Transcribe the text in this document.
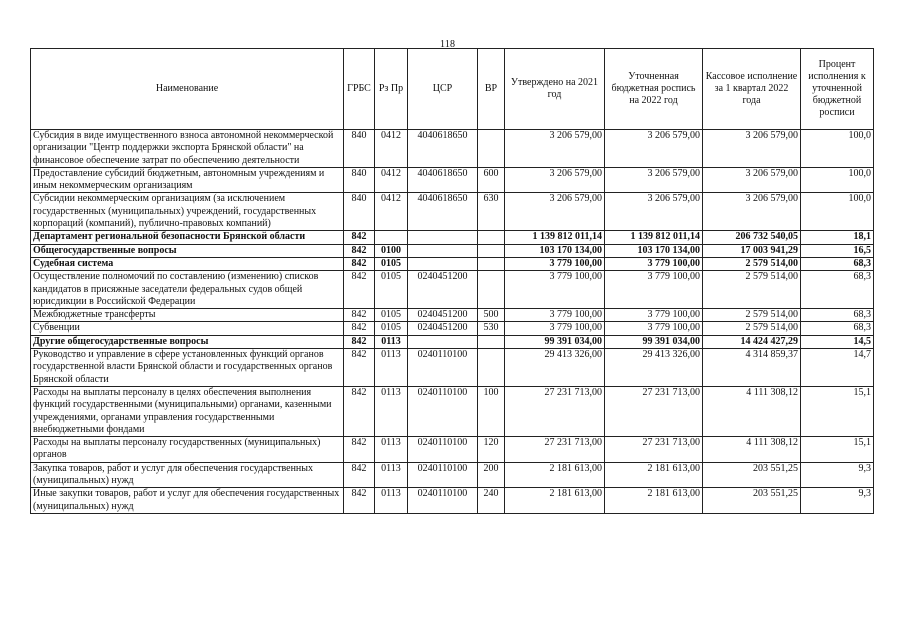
118
Наименование	ГРБС	Рз Пр	ЦСР	ВР	Утверждено на 2021 год	Уточненная бюджетная роспись на 2022 год	Кассовое исполнение за 1 квартал 2022 года	Процент исполнения к уточненной бюджетной росписи
Субсидия в виде имущественного взноса автономной некоммерческой организации "Центр поддержки экспорта Брянской области" на финансовое обеспечение затрат по обеспечению деятельности	840	0412	4040618650		3 206 579,00	3 206 579,00	3 206 579,00	100,0
Предоставление субсидий бюджетным, автономным учреждениям и иным некоммерческим организациям	840	0412	4040618650	600	3 206 579,00	3 206 579,00	3 206 579,00	100,0
Субсидии некоммерческим организациям (за исключением государственных (муниципальных) учреждений, государственных корпораций (компаний), публично-правовых компаний)	840	0412	4040618650	630	3 206 579,00	3 206 579,00	3 206 579,00	100,0
Департамент региональной безопасности Брянской области	842				1 139 812 011,14	1 139 812 011,14	206 732 540,05	18,1
Общегосударственные вопросы	842	0100			103 170 134,00	103 170 134,00	17 003 941,29	16,5
Судебная система	842	0105			3 779 100,00	3 779 100,00	2 579 514,00	68,3
Осуществление полномочий по составлению (изменению) списков кандидатов в присяжные заседатели федеральных судов общей юрисдикции в Российской Федерации	842	0105	0240451200		3 779 100,00	3 779 100,00	2 579 514,00	68,3
Межбюджетные трансферты	842	0105	0240451200	500	3 779 100,00	3 779 100,00	2 579 514,00	68,3
Субвенции	842	0105	0240451200	530	3 779 100,00	3 779 100,00	2 579 514,00	68,3
Другие общегосударственные вопросы	842	0113			99 391 034,00	99 391 034,00	14 424 427,29	14,5
Руководство и управление в сфере установленных функций органов государственной власти Брянской области и государственных органов Брянской области	842	0113	0240110100		29 413 326,00	29 413 326,00	4 314 859,37	14,7
Расходы на выплаты персоналу в целях обеспечения выполнения функций государственными (муниципальными) органами, казенными учреждениями, органами управления государственными внебюджетными фондами	842	0113	0240110100	100	27 231 713,00	27 231 713,00	4 111 308,12	15,1
Расходы на выплаты персоналу государственных (муниципальных) органов	842	0113	0240110100	120	27 231 713,00	27 231 713,00	4 111 308,12	15,1
Закупка товаров, работ и услуг для обеспечения государственных (муниципальных) нужд	842	0113	0240110100	200	2 181 613,00	2 181 613,00	203 551,25	9,3
Иные закупки товаров, работ и услуг для обеспечения государственных (муниципальных) нужд	842	0113	0240110100	240	2 181 613,00	2 181 613,00	203 551,25	9,3
